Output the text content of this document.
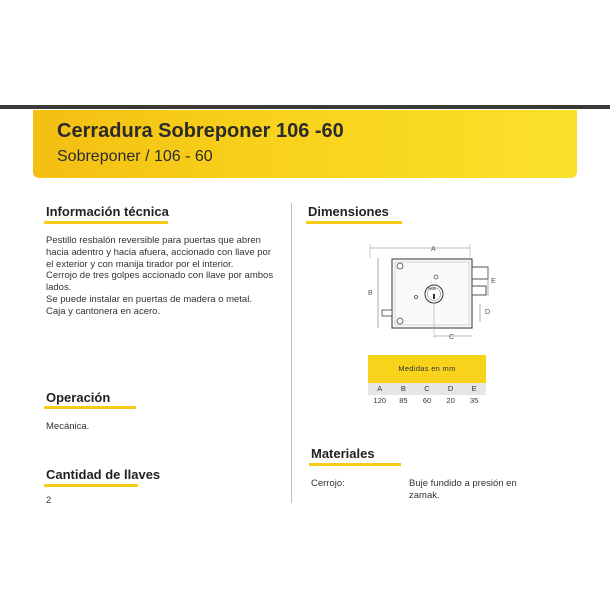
Cerradura Sobreponer 106 -60
Sobreponer / 106 - 60
Información técnica
Pestillo resbalón reversible para puertas que abren
hacia adentro y hacia afuera, accionado con llave por
el exterior y con manija tirador por el interior.
Cerrojo de tres golpes accionado con llave por ambos
lados.
Se puede instalar en puertas de madera o metal.
Caja y cantonera en acero.
Operación
Mecánica.
Cantidad de llaves
2
Dimensiones
A
B
Yale
E
D
C
Medidas en mm
A	B	C	D	E
120	85	60	20	35
Materiales
Cerrojo:	Buje fundido a presión en
zamak.
